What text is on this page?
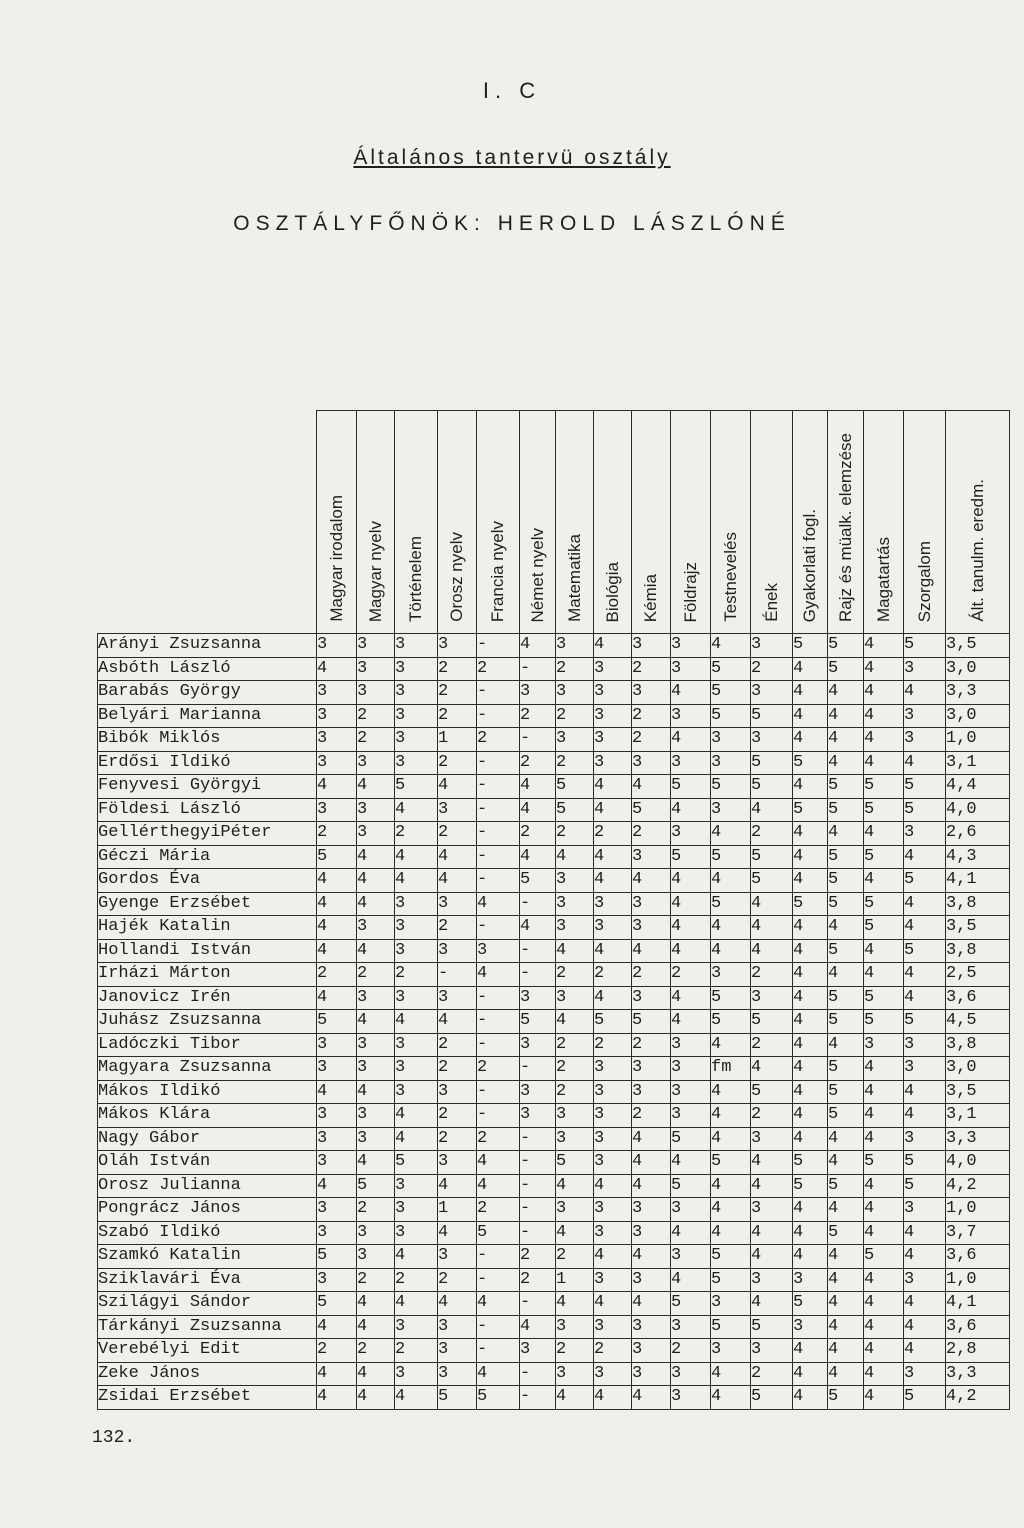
I. C
Általános tantervü osztály
OSZTÁLYFŐNÖK: HEROLD LÁSZLÓNÉ
	Magyar irodalom	Magyar nyelv	Történelem	Orosz nyelv	Francia nyelv	Német nyelv	Matematika	Biológia	Kémia	Földrajz	Testnevelés	Ének	Gyakorlati fogl.	Rajz és müalk. elemzése	Magatartás	Szorgalom	Ált. tanulm. eredm.
Arányi Zsuzsanna	3	3	3	3	-	4	3	4	3	3	4	3	5	5	4	5	3,5
Asbóth László	4	3	3	2	2	-	2	3	2	3	5	2	4	5	4	3	3,0
Barabás György	3	3	3	2	-	3	3	3	3	4	5	3	4	4	4	4	3,3
Belyári Marianna	3	2	3	2	-	2	2	3	2	3	5	5	4	4	4	3	3,0
Bibók Miklós	3	2	3	1	2	-	3	3	2	4	3	3	4	4	4	3	1,0
Erdősi Ildikó	3	3	3	2	-	2	2	3	3	3	3	5	5	4	4	4	3,1
Fenyvesi Györgyi	4	4	5	4	-	4	5	4	4	5	5	5	4	5	5	5	4,4
Földesi László	3	3	4	3	-	4	5	4	5	4	3	4	5	5	5	5	4,0
GellérthegyiPéter	2	3	2	2	-	2	2	2	2	3	4	2	4	4	4	3	2,6
Géczi Mária	5	4	4	4	-	4	4	4	3	5	5	5	4	5	5	4	4,3
Gordos Éva	4	4	4	4	-	5	3	4	4	4	4	5	4	5	4	5	4,1
Gyenge Erzsébet	4	4	3	3	4	-	3	3	3	4	5	4	5	5	5	4	3,8
Hajék Katalin	4	3	3	2	-	4	3	3	3	4	4	4	4	4	5	4	3,5
Hollandi István	4	4	3	3	3	-	4	4	4	4	4	4	4	5	4	5	3,8
Irházi Márton	2	2	2	-	4	-	2	2	2	2	3	2	4	4	4	4	2,5
Janovicz Irén	4	3	3	3	-	3	3	4	3	4	5	3	4	5	5	4	3,6
Juhász Zsuzsanna	5	4	4	4	-	5	4	5	5	4	5	5	4	5	5	5	4,5
Ladóczki Tibor	3	3	3	2	-	3	2	2	2	3	4	2	4	4	3	3	3,8
Magyara Zsuzsanna	3	3	3	2	2	-	2	3	3	3	fm	4	4	5	4	3	3,0
Mákos Ildikó	4	4	3	3	-	3	2	3	3	3	4	5	4	5	4	4	3,5
Mákos Klára	3	3	4	2	-	3	3	3	2	3	4	2	4	5	4	4	3,1
Nagy Gábor	3	3	4	2	2	-	3	3	4	5	4	3	4	4	4	3	3,3
Oláh István	3	4	5	3	4	-	5	3	4	4	5	4	5	4	5	5	4,0
Orosz Julianna	4	5	3	4	4	-	4	4	4	5	4	4	5	5	4	5	4,2
Pongrácz János	3	2	3	1	2	-	3	3	3	3	4	3	4	4	4	3	1,0
Szabó Ildikó	3	3	3	4	5	-	4	3	3	4	4	4	4	5	4	4	3,7
Szamkó Katalin	5	3	4	3	-	2	2	4	4	3	5	4	4	4	5	4	3,6
Sziklavári Éva	3	2	2	2	-	2	1	3	3	4	5	3	3	4	4	3	1,0
Szilágyi Sándor	5	4	4	4	4	-	4	4	4	5	3	4	5	4	4	4	4,1
Tárkányi Zsuzsanna	4	4	3	3	-	4	3	3	3	3	5	5	3	4	4	4	3,6
Verebélyi Edit	2	2	2	3	-	3	2	2	3	2	3	3	4	4	4	4	2,8
Zeke János	4	4	3	3	4	-	3	3	3	3	4	2	4	4	4	3	3,3
Zsidai Erzsébet	4	4	4	5	5	-	4	4	4	3	4	5	4	5	4	5	4,2
132.
